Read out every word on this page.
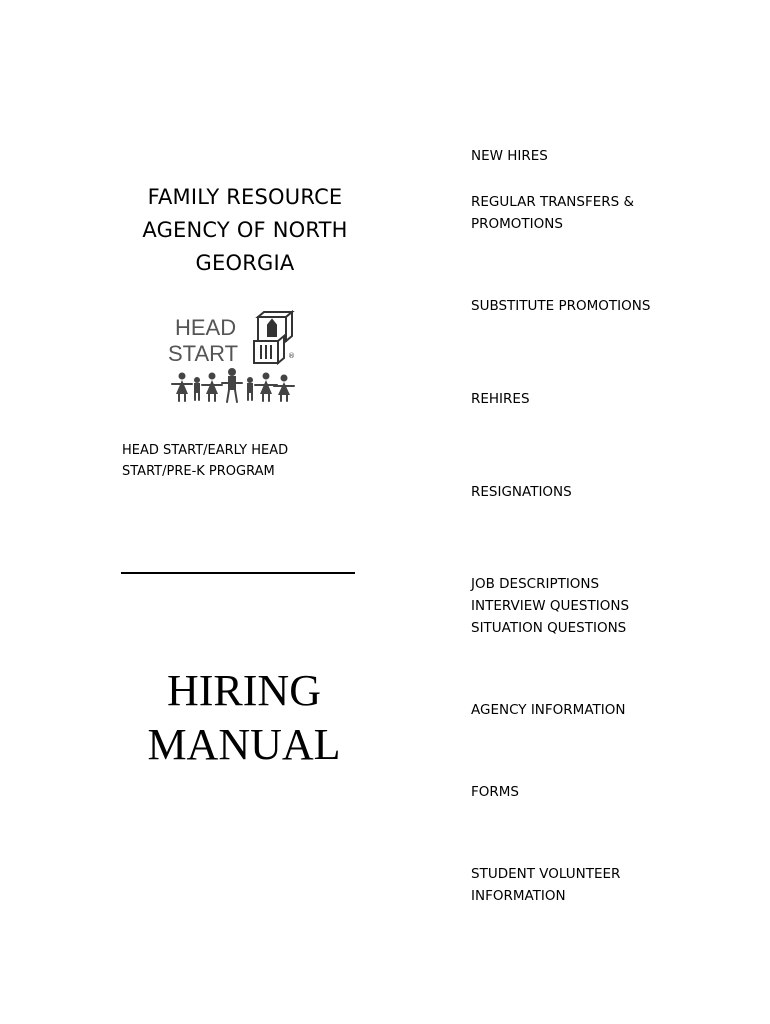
FAMILY RESOURCE
AGENCY OF NORTH
GEORGIA
HEAD
START	®
HEAD START/EARLY HEAD
START/PRE-K PROGRAM
HIRING
MANUAL
NEW HIRES
REGULAR TRANSFERS &
PROMOTIONS
SUBSTITUTE PROMOTIONS
REHIRES
RESIGNATIONS
JOB DESCRIPTIONS
INTERVIEW QUESTIONS
SITUATION QUESTIONS
AGENCY INFORMATION
FORMS
STUDENT VOLUNTEER
INFORMATION
